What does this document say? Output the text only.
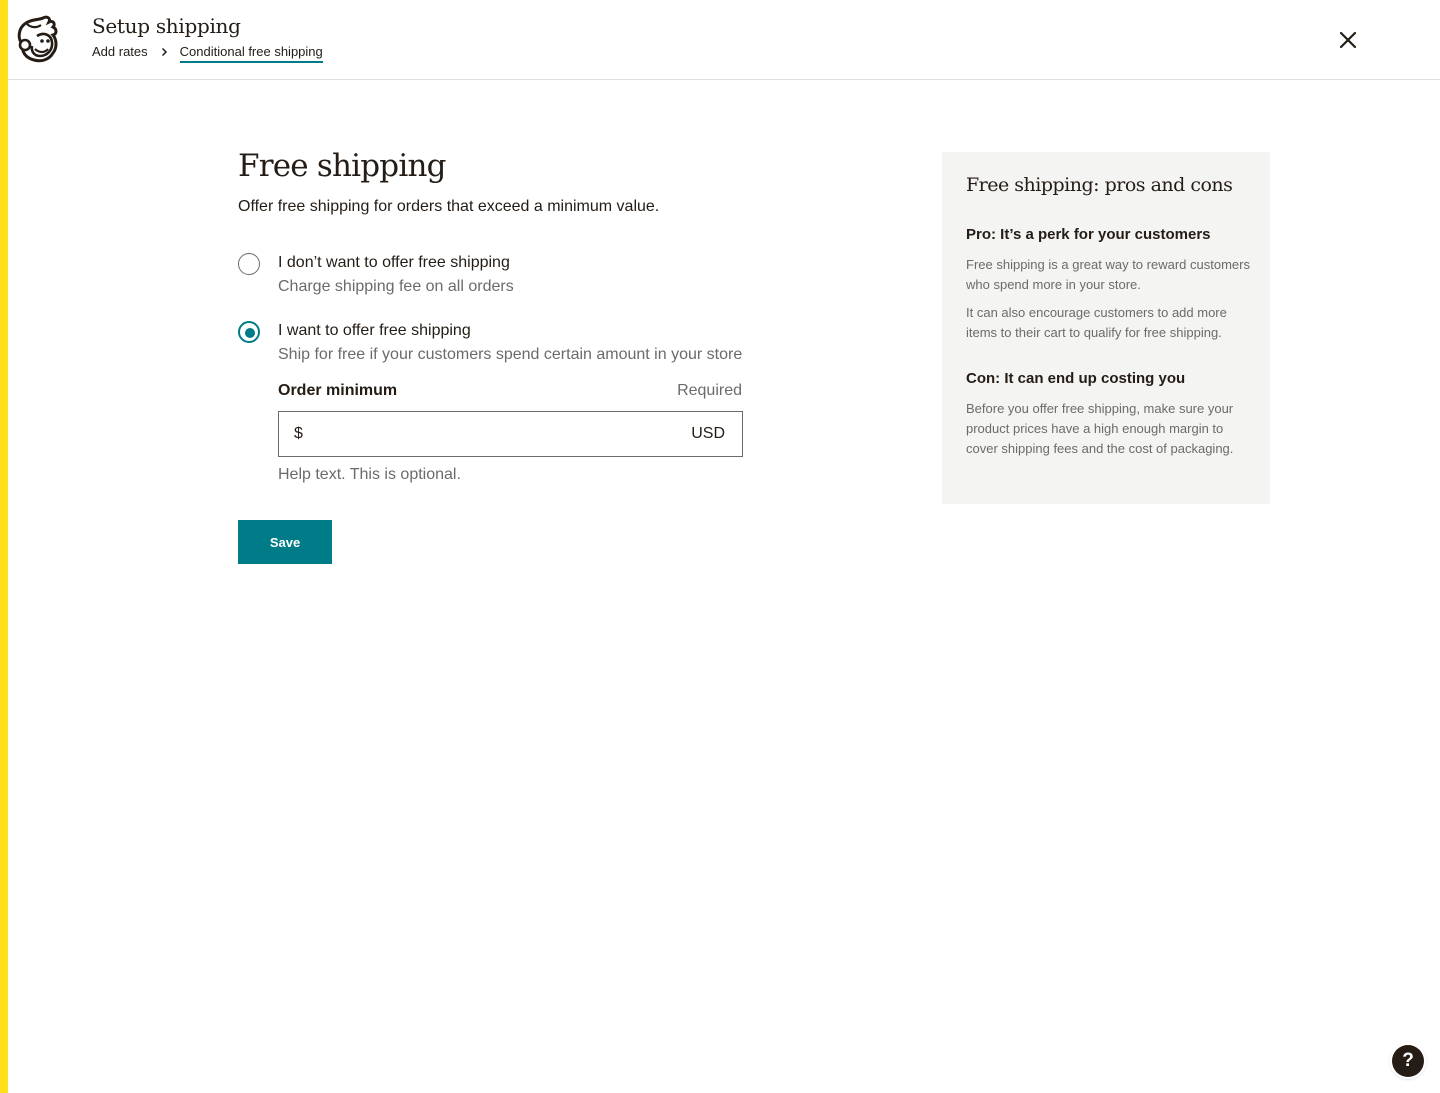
Setup shipping
Add rates Conditional free shipping
Free shipping
Offer free shipping for orders that exceed a minimum value.
I don’t want to offer free shipping
Charge shipping fee on all orders
I want to offer free shipping
Ship for free if your customers spend certain amount in your store
Order minimum	Required
$	USD
Help text. This is optional.
Save
Free shipping: pros and cons
Pro: It’s a perk for your customers
Free shipping is a great way to reward customers who spend more in your store.
It can also encourage customers to add more items to their cart to qualify for free shipping.
Con: It can end up costing you
Before you offer free shipping, make sure your product prices have a high enough margin to cover shipping fees and the cost of packaging.
?
